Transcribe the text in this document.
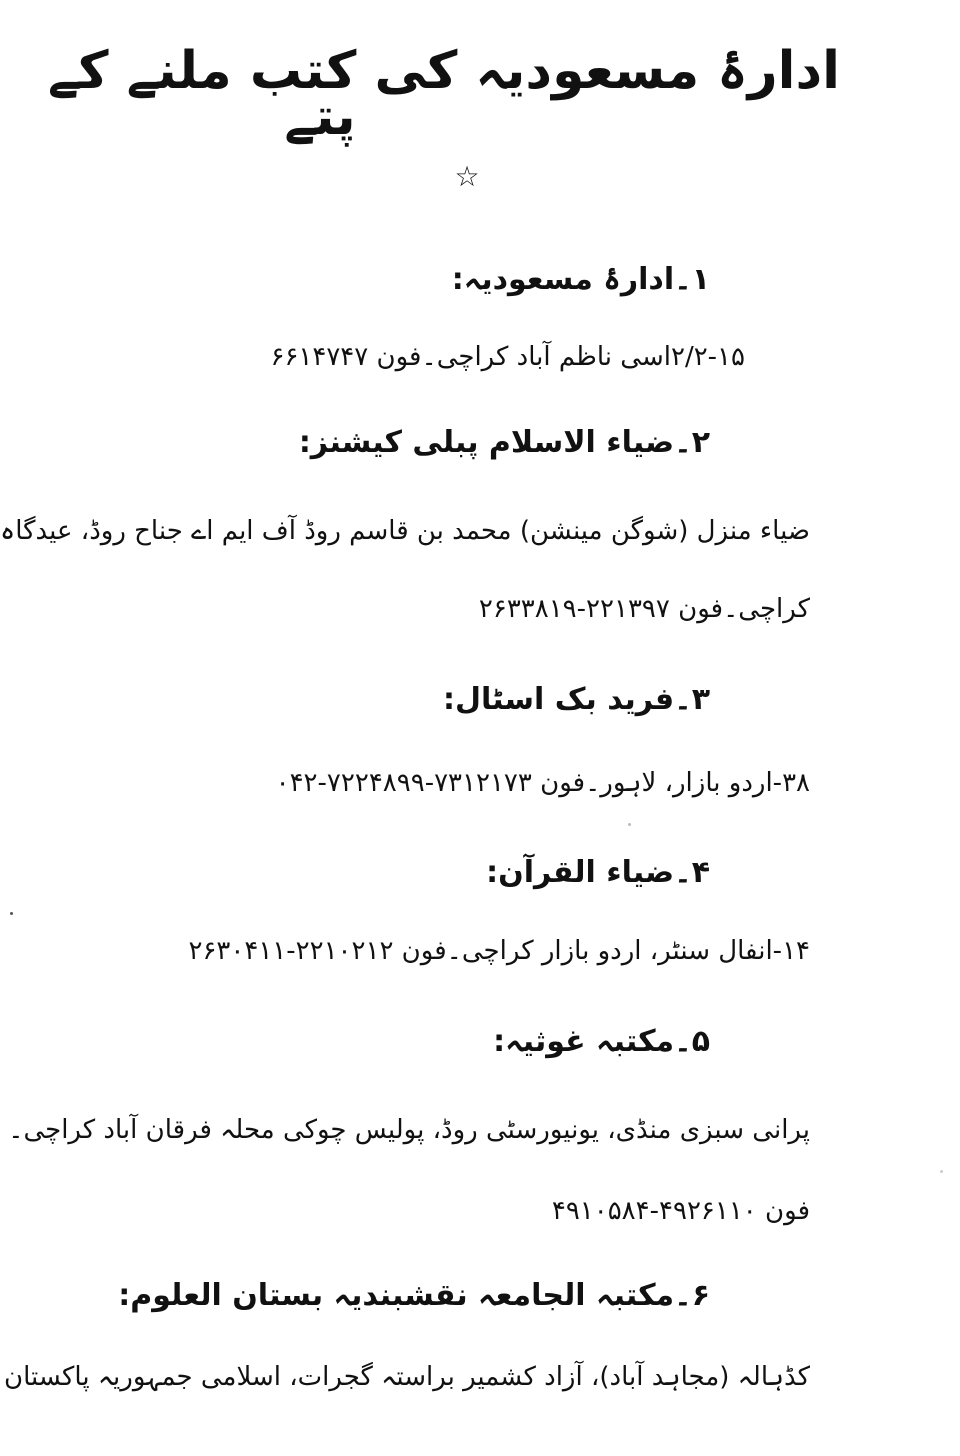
ادارۂ مسعودیہ کی کتب ملنے کے
پتے
☆
۱۔ادارۂ مسعودیہ:
۲/۲-۱۵اسی ناظم آباد کراچی۔فون ۶۶۱۴۷۴۷
۲۔ضیاء الاسلام پبلی کیشنز:
ضیاء منزل (شوگن مینشن) محمد بن قاسم روڈ آف ایم اے جناح روڈ، عیدگاہ
کراچی۔فون ۲۲۱۳۹۷-۲۶۳۳۸۱۹
۳۔فرید بک اسٹال:
۳۸-اردو بازار، لاہور۔فون ۷۳۱۲۱۷۳-۷۲۲۴۸۹۹-۰۴۲
۴۔ضیاء القرآن:
۱۴-انفال سنٹر، اردو بازار کراچی۔فون ۲۲۱۰۲۱۲-۲۶۳۰۴۱۱
۵۔مکتبہ غوثیہ:
پرانی سبزی منڈی، یونیورسٹی روڈ، پولیس چوکی محلہ فرقان آباد کراچی۔
فون ۴۹۲۶۱۱۰-۴۹۱۰۵۸۴
۶۔مکتبہ الجامعہ نقشبندیہ بستان العلوم:
کڈہالہ (مجاہد آباد)، آزاد کشمیر براستہ گجرات، اسلامی جمہوریہ پاکستان
